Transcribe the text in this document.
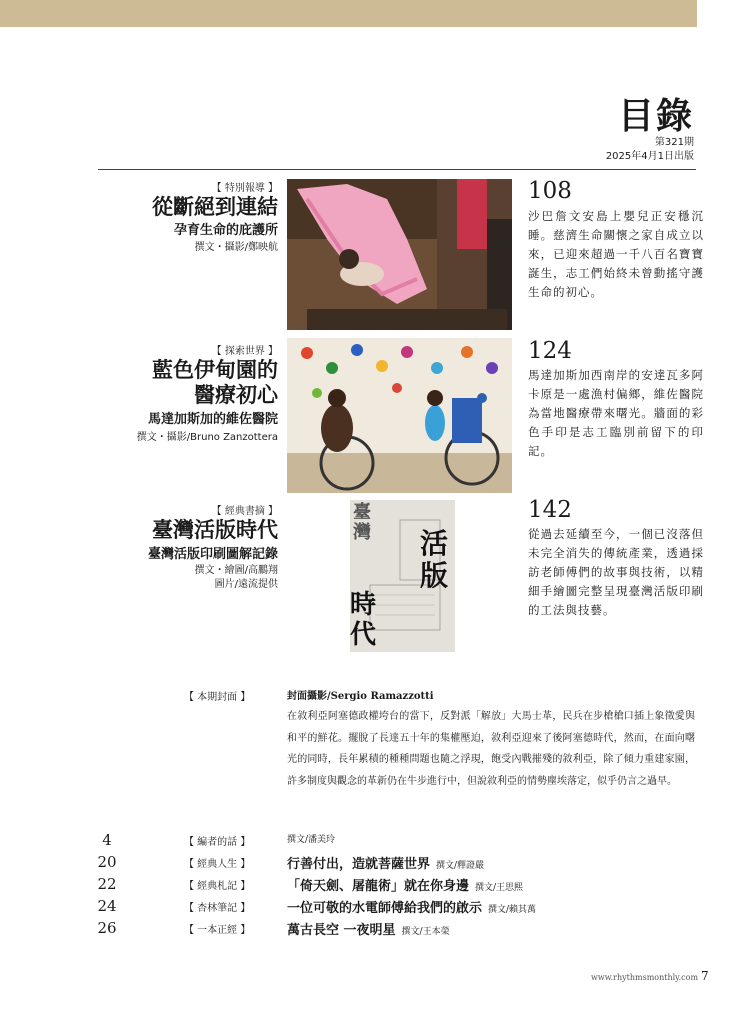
目錄
第321期
2025年4月1日出版
【 特別報導 】
從斷絕到連結
孕育生命的庇護所
撰文・攝影/鄭映航
108
沙巴詹文安島上嬰兒正安穩沉睡。慈濟生命關懷之家自成立以來，已迎來超過一千八百名寶寶誕生，志工們始終未曾動搖守護生命的初心。
【 探索世界 】
藍色伊甸園的
醫療初心
馬達加斯加的維佐醫院
撰文・攝影/Bruno Zanzottera
124
馬達加斯加西南岸的安達瓦多阿卡原是一處漁村偏鄉，維佐醫院為當地醫療帶來曙光。牆面的彩色手印是志工臨別前留下的印記。
【 經典書摘 】
臺灣活版時代
臺灣活版印刷圖解記錄
撰文・繪圖/高鵬翔
圖片/遠流提供
臺灣 活版
時代
142
從過去延續至今，一個已沒落但未完全消失的傳統產業，透過採訪老師傅們的故事與技術，以精細手繪圖完整呈現臺灣活版印刷的工法與技藝。
【 本期封面 】	封面攝影/Sergio Ramazzotti
在敘利亞阿塞德政權垮台的當下，反對派「解放」大馬士革，民兵在步槍槍口插上象徵愛與和平的鮮花。擺脫了長達五十年的集權壓迫，敘利亞迎來了後阿塞德時代，然而，在面向曙光的同時，長年累積的種種問題也隨之浮現，飽受內戰摧殘的敘利亞，除了傾力重建家園，許多制度與觀念的革新仍在牛步進行中，但說敘利亞的情勢塵埃落定，似乎仍言之過早。
4	【 編者的話 】	撰文/潘美玲
20	【 經典人生 】	行善付出，造就菩薩世界 撰文/釋證嚴
22	【 經典札記 】	「倚天劍、屠龍術」就在你身邊 撰文/王思熙
24	【 杏林筆記 】	一位可敬的水電師傅給我們的啟示 撰文/賴其萬
26	【 一本正經 】	萬古長空 一夜明星 撰文/王本榮
www.rhythmsmonthly.com 7
